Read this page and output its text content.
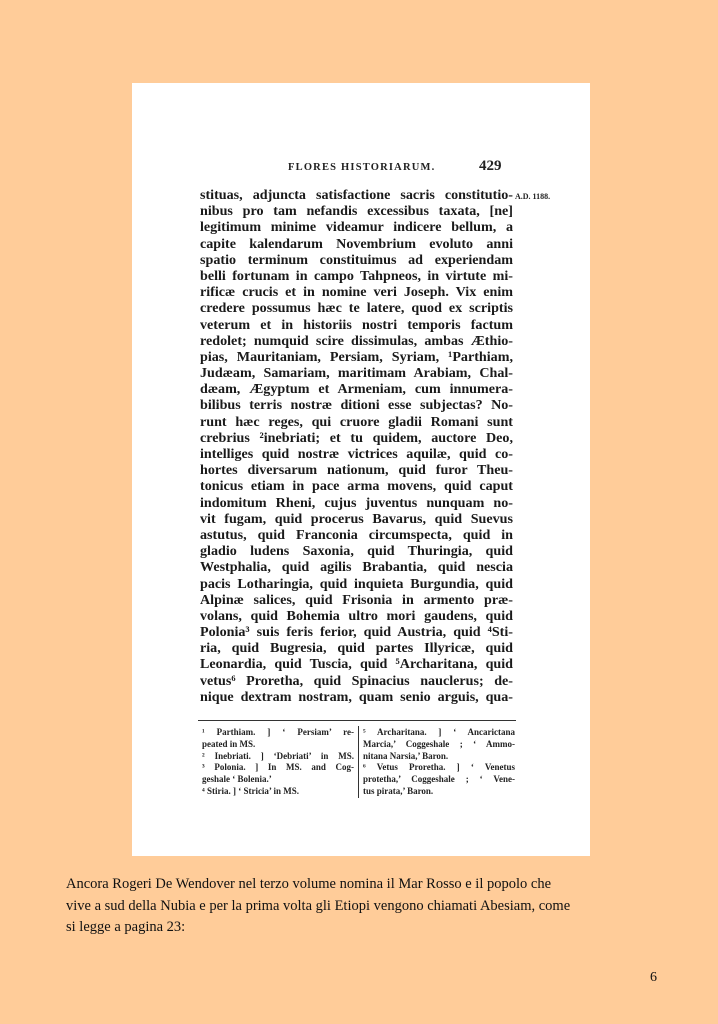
FLORES HISTORIARUM.	429
A.D. 1188.
stituas, adjuncta satisfactione sacris constitutio-
nibus pro tam nefandis excessibus taxata, [ne]
legitimum minime videamur indicere bellum, a
capite kalendarum Novembrium evoluto anni
spatio terminum constituimus ad experiendam
belli fortunam in campo Tahpneos, in virtute mi-
rificæ crucis et in nomine veri Joseph. Vix enim
credere possumus hæc te latere, quod ex scriptis
veterum et in historiis nostri temporis factum
redolet; numquid scire dissimulas, ambas Æthio-
pias, Mauritaniam, Persiam, Syriam, ¹Parthiam,
Judæam, Samariam, maritimam Arabiam, Chal-
dæam, Ægyptum et Armeniam, cum innumera-
bilibus terris nostræ ditioni esse subjectas? No-
runt hæc reges, qui cruore gladii Romani sunt
crebrius ²inebriati; et tu quidem, auctore Deo,
intelliges quid nostræ victrices aquilæ, quid co-
hortes diversarum nationum, quid furor Theu-
tonicus etiam in pace arma movens, quid caput
indomitum Rheni, cujus juventus nunquam no-
vit fugam, quid procerus Bavarus, quid Suevus
astutus, quid Franconia circumspecta, quid in
gladio ludens Saxonia, quid Thuringia, quid
Westphalia, quid agilis Brabantia, quid nescia
pacis Lotharingia, quid inquieta Burgundia, quid
Alpinæ salices, quid Frisonia in armento præ-
volans, quid Bohemia ultro mori gaudens, quid
Polonia³ suis feris ferior, quid Austria, quid ⁴Sti-
ria, quid Bugresia, quid partes Illyricæ, quid
Leonardia, quid Tuscia, quid ⁵Archaritana, quid
vetus⁶ Proretha, quid Spinacius nauclerus; de-
nique dextram nostram, quam senio arguis, qua-
¹ Parthiam. ] ‘ Persiam’ re-
peated in MS.
² Inebriati. ] ‘Debriati’ in MS.
³ Polonia. ] In MS. and Cog-
geshale ‘ Bolenia.’
⁴ Stiria. ] ‘ Stricia’ in MS.
⁵ Archaritana. ] ‘ Ancarictana
Marcia,’ Coggeshale ; ‘ Ammo-
nitana Narsia,’ Baron.
⁶ Vetus Proretha. ] ‘ Venetus
protetha,’ Coggeshale ; ‘ Vene-
tus pirata,’ Baron.
Ancora Rogeri De Wendover nel terzo volume nomina il Mar Rosso e il popolo che
vive a sud della Nubia e per la prima volta gli Etiopi vengono chiamati Abesiam, come
si legge a pagina 23:
6
